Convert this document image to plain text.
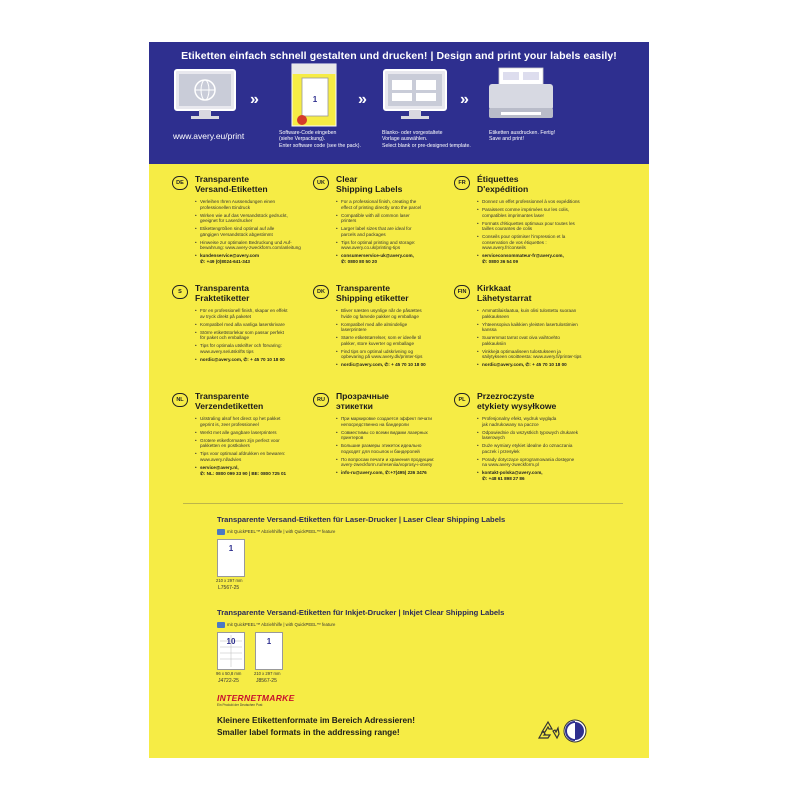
Etiketten einfach schnell gestalten und drucken! | Design and print your labels easily!
www.avery.eu/print
»	1
Software-Code eingeben
(siehe Verpackung).
Enter software code (see the pack).
»
Blanko- oder vorgestaltete
Vorlage auswählen.
Select blank or pre-designed template.
»
Etiketten ausdrucken. Fertig!
Save and print!
DE	Transparente
Versand-Etiketten
• Verleihen Ihren Aussendungen einen
professionellen Eindruck
• Wirken wie auf das Versandstück gedruckt,
geeignet für Laserdrucker
• Etikettengrößen sind optimal auf alle
gängigen Versandstück abgestimmt
• Hinweise zur optimalen Bedruckung und Auf-
bewahrung: www.avery-zweckform.com/anleitung
• kundenservice@avery.com
✆: +49 (0)8024-641-343
UK	Clear
Shipping Labels
• For a professional finish, creating the
effect of printing directly onto the parcel
• Compatible with all common laser
printers
• Larger label sizes that are ideal for
parcels and packages
• Tips for optimal printing and storage:
www.avery.co.uk/printing-tips
• consumerservice-uk@avery.com,
✆: 0800 80 50 20
FR	Étiquettes
D'expédition
• Donnez un effet professionnel à vos expéditions
• Paraissent comme imprimées sur les colis,
compatibles imprimantes laser
• Formats d'étiquettes optimaux pour toutes les
tailles courantes de colis
• Conseils pour optimiser l'impression et la
conservation de vos étiquettes :
www.avery.fr/conseils
• serviceconsommateur-fr@avery.com,
✆: 0800 36 54 09
S	Transparenta
Fraktetiketter
• För en professionell finish, skapar en effekt
av tryck direkt på paketet
• Kompatibel med alla vanliga laserskrivare
• Större etikettstorlekar som passar perfekt
för paket och emballage
• Tips för optimala utskrifter och förvaring:
www.avery.se/utskrifts tips
• nordic@avery.com, ✆: + 45 70 10 18 00
DK	Transparente
Shipping etiketter
• Bliver næsten usynlige når de påsættes
hvide og farvede pakker og emballage
• Kompatibel med alle almindelige
laserprintere
• Større etiketstørrelser, som er ideelle til
pakker, store kuverter og emballage
• Find tips om optimal udskrivning og
opbevaring på www.avery.dk/printer-tips
• nordic@avery.com, ✆: + 45 70 10 18 00
FIN	Kirkkaat
Lähetystarrat
• Ammattilaislaatua, kuin olisi tulostettu suoraan
pakkaukseen
• Yhteensopiva kaikkien yleisten lasertulostimien
kanssa
• Suuremmat tarrat ovat oiva vaihtoehto
pakkauksiin
• Vinkkejä optimaaliseen tulostukseen ja
säilytykseen osoitteesta: www.avery.fi/printer-tips
• nordic@avery.com, ✆: + 45 70 10 18 00
NL	Transparente
Verzendetiketten
• Uitstraling alsof het direct op het pakket
geprint is, zeer professioneel
• Werkt met alle gangbare laserprinters
• Grotere etiketformaten zijn perfect voor
pakketten en postkokers
• Tips voor optimaal afdrukken en bewaren:
www.avery.nl/advies
• service@avery.nl,
✆: NL: 0800 099 33 90 | BE: 0800 725 01
RU	Прозрачные
этикетки
• При маркировке создается эффект печати
непосредственно на бандероли
• Совместимы со всеми видами лазерных
принтеров
• Большие размеры этикеток идеально
подходят для посылок и бандеролей
• По вопросам печати и хранения продукции:
avery-zweckform.ru/reseniia/voprosy-i-otvety
• info-ru@avery.com, ✆:+7(495) 226 3476
PL	Przezroczyste
etykiety wysyłkowe
• Profesjonalny efekt, wydruk wygląda
jak nadrukowany na paczce
• Odpowiednie do wszystkich typowych drukarek
laserowych
• Duże wymiary etykiet idealne do oznaczania
paczek i przesyłek
• Porady dotyczące oprogramowania dostępne
na www.avery-zweckform.pl
• kontakt-polska@avery.com,
✆: +48 61 898 27 86
Transparente Versand-Etiketten für Laser-Drucker | Laser Clear Shipping Labels
mit QuickPEEL™ Abziehhilfe | with QuickPEEL™ feature
1
210 x 297 mm
L7567-25
Transparente Versand-Etiketten für Inkjet-Drucker | Inkjet Clear Shipping Labels
mit QuickPEEL™ Abziehhilfe | with QuickPEEL™ feature
10
96 x 50,8 mm
J4722-25
1
210 x 297 mm
J8567-25
INTERNETMARKE
Ein Produkt der Deutschen Post
Kleinere Etikettenformate im Bereich Adressieren!
Smaller label formats in the addressing range!
